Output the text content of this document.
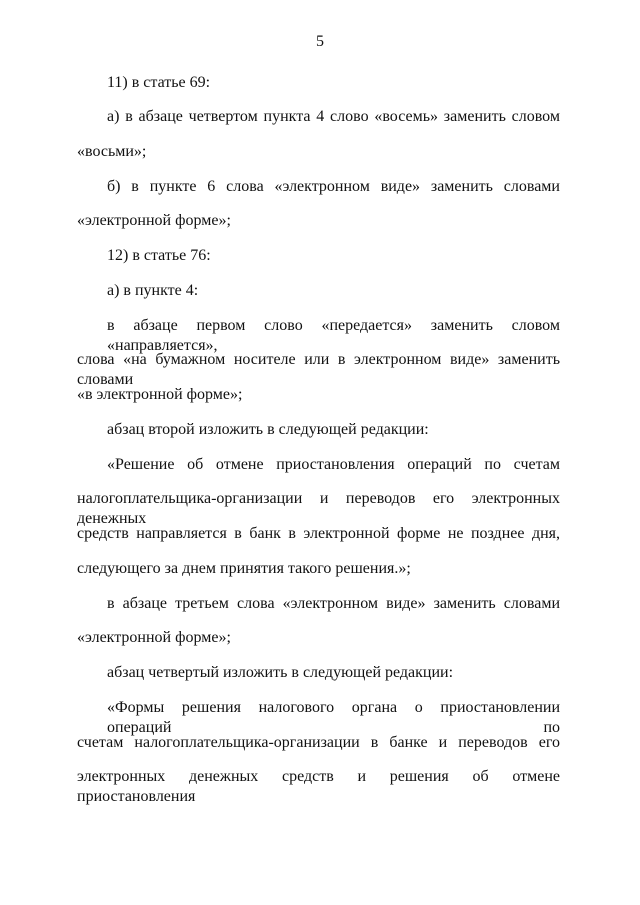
5
11) в статье 69:
а) в абзаце четвертом пункта 4 слово «восемь» заменить словом
«восьми»;
б) в пункте 6 слова «электронном виде» заменить словами
«электронной форме»;
12) в статье 76:
а) в пункте 4:
в абзаце первом слово «передается» заменить словом «направляется»,
слова «на бумажном носителе или в электронном виде» заменить словами
«в электронной форме»;
абзац второй изложить в следующей редакции:
«Решение об отмене приостановления операций по счетам
налогоплательщика-организации и переводов его электронных денежных
средств направляется в банк в электронной форме не позднее дня,
следующего за днем принятия такого решения.»;
в абзаце третьем слова «электронном виде» заменить словами
«электронной форме»;
абзац четвертый изложить в следующей редакции:
«Формы решения налогового органа о приостановлении операций по
счетам налогоплательщика-организации в банке и переводов его
электронных денежных средств и решения об отмене приостановления
